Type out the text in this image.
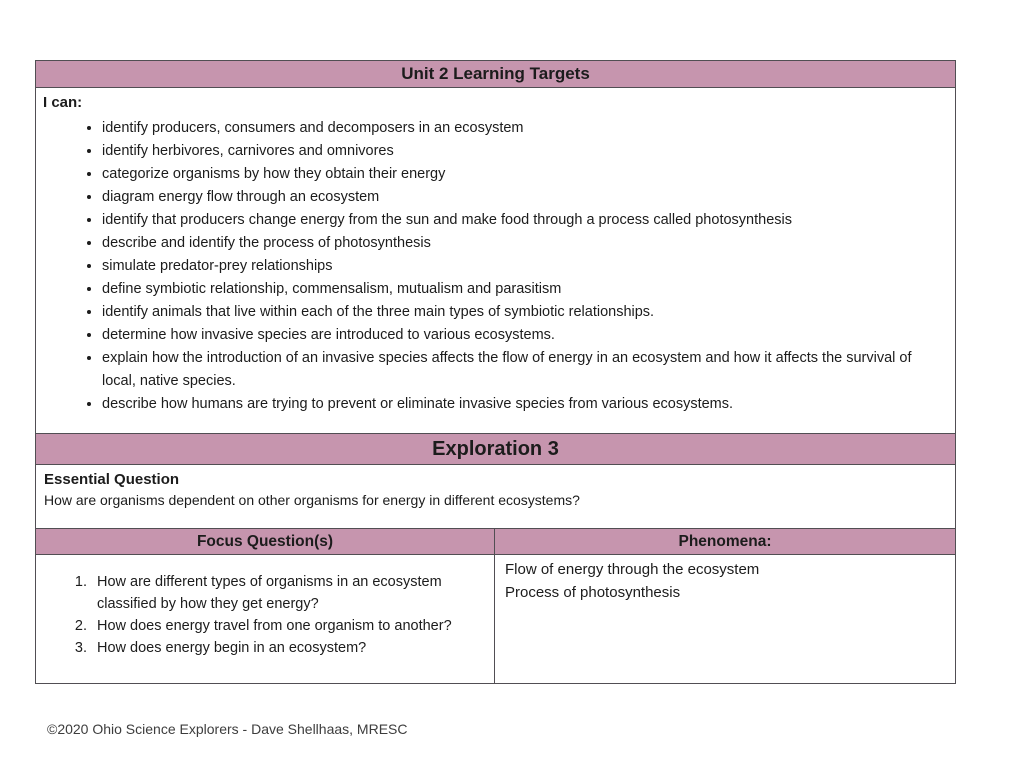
Unit 2 Learning Targets
I can:
• identify producers, consumers and decomposers in an ecosystem
• identify herbivores, carnivores and omnivores
• categorize organisms by how they obtain their energy
• diagram energy flow through an ecosystem
• identify that producers change energy from the sun and make food through a process called photosynthesis
• describe and identify the process of photosynthesis
• simulate predator-prey relationships
• define symbiotic relationship, commensalism, mutualism and parasitism
• identify animals that live within each of the three main types of symbiotic relationships.
• determine how invasive species are introduced to various ecosystems.
• explain how the introduction of an invasive species affects the flow of energy in an ecosystem and how it affects the survival of local, native species.
• describe how humans are trying to prevent or eliminate invasive species from various ecosystems.
Exploration 3
Essential Question
How are organisms dependent on other organisms for energy in different ecosystems?
Focus Question(s)	Phenomena:
1. How are different types of organisms in an ecosystem classified by how they get energy?
2. How does energy travel from one organism to another?
3. How does energy begin in an ecosystem?
Flow of energy through the ecosystem
Process of photosynthesis
©2020 Ohio Science Explorers - Dave Shellhaas, MRESC
